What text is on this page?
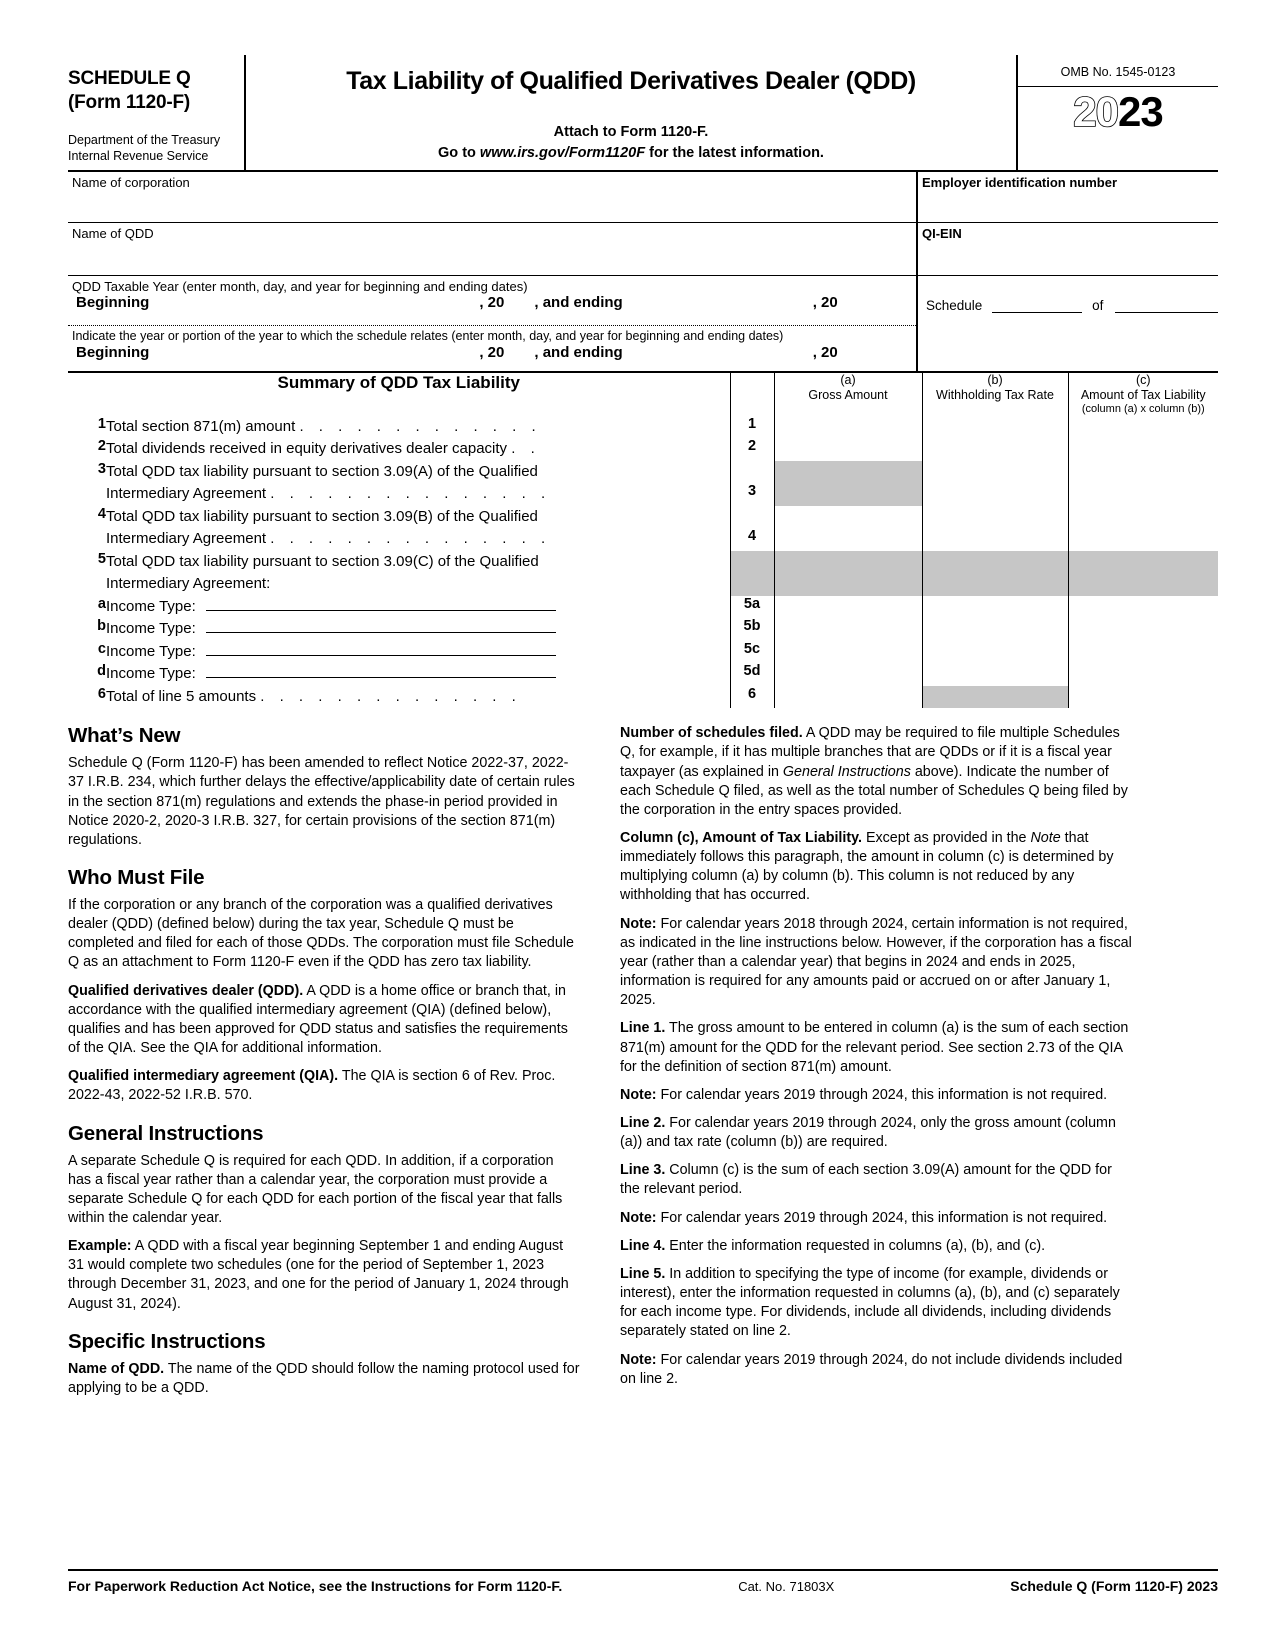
SCHEDULE Q
(Form 1120-F)
Department of the Treasury
Internal Revenue Service
Tax Liability of Qualified Derivatives Dealer (QDD)
Attach to Form 1120-F.
Go to www.irs.gov/Form1120F for the latest information.
OMB No. 1545-0123
2023
Name of corporation	Employer identification number
Name of QDD	QI-EIN
QDD Taxable Year (enter month, day, and year for beginning and ending dates)
Beginning	, 20 , and ending	, 20
Indicate the year or portion of the year to which the schedule relates (enter month, day, and year for beginning and ending dates)
Beginning	, 20 , and ending	, 20
Schedule	of
Summary of QDD Tax Liability		(a)
Gross Amount

(b)
Withholding Tax Rate

(c)
Amount of Tax Liability
(column (a) x column (b))

1	Total section 871(m) amount . . . . . . . . . . . . .	1			
2	Total dividends received in equity derivatives dealer capacity . .	2			
3	Total QDD tax liability pursuant to section 3.09(A) of the Qualified				

	Intermediary Agreement . . . . . . . . . . . . . . .	3			
4	Total QDD tax liability pursuant to section 3.09(B) of the Qualified				

	Intermediary Agreement . . . . . . . . . . . . . . .	4			
5	Total QDD tax liability pursuant to section 3.09(C) of the Qualified				

	Intermediary Agreement:				
a	Income Type:	5a			
b	Income Type:	5b			
c	Income Type:	5c			
d	Income Type:	5d			
6	Total of line 5 amounts . . . . . . . . . . . . . .	6			
What’s New

Schedule Q (Form 1120-F) has been amended to reflect Notice 2022-37, 2022-37 I.R.B. 234, which further delays the effective/applicability date of certain rules in the section 871(m) regulations and extends the phase-in period provided in Notice 2020-2, 2020-3 I.R.B. 327, for certain provisions of the section 871(m) regulations.

Who Must File

If the corporation or any branch of the corporation was a qualified derivatives dealer (QDD) (defined below) during the tax year, Schedule Q must be completed and filed for each of those QDDs. The corporation must file Schedule Q as an attachment to Form 1120-F even if the QDD has zero tax liability.

Qualified derivatives dealer (QDD). A QDD is a home office or branch that, in accordance with the qualified intermediary agreement (QIA) (defined below), qualifies and has been approved for QDD status and satisfies the requirements of the QIA. See the QIA for additional information.

Qualified intermediary agreement (QIA). The QIA is section 6 of Rev. Proc. 2022-43, 2022-52 I.R.B. 570.

General Instructions

A separate Schedule Q is required for each QDD. In addition, if a corporation has a fiscal year rather than a calendar year, the corporation must provide a separate Schedule Q for each QDD for each portion of the fiscal year that falls within the calendar year.

Example: A QDD with a fiscal year beginning September 1 and ending August 31 would complete two schedules (one for the period of September 1, 2023 through December 31, 2023, and one for the period of January 1, 2024 through August 31, 2024).

Specific Instructions

Name of QDD. The name of the QDD should follow the naming protocol used for applying to be a QDD.

Number of schedules filed. A QDD may be required to file multiple Schedules Q, for example, if it has multiple branches that are QDDs or if it is a fiscal year taxpayer (as explained in General Instructions above). Indicate the number of each Schedule Q filed, as well as the total number of Schedules Q being filed by the corporation in the entry spaces provided.

Column (c), Amount of Tax Liability. Except as provided in the Note that immediately follows this paragraph, the amount in column (c) is determined by multiplying column (a) by column (b). This column is not reduced by any withholding that has occurred.

Note: For calendar years 2018 through 2024, certain information is not required, as indicated in the line instructions below. However, if the corporation has a fiscal year (rather than a calendar year) that begins in 2024 and ends in 2025, information is required for any amounts paid or accrued on or after January 1, 2025.

Line 1. The gross amount to be entered in column (a) is the sum of each section 871(m) amount for the QDD for the relevant period. See section 2.73 of the QIA for the definition of section 871(m) amount.

Note: For calendar years 2019 through 2024, this information is not required.

Line 2. For calendar years 2019 through 2024, only the gross amount (column (a)) and tax rate (column (b)) are required.

Line 3. Column (c) is the sum of each section 3.09(A) amount for the QDD for the relevant period.

Note: For calendar years 2019 through 2024, this information is not required.

Line 4. Enter the information requested in columns (a), (b), and (c).

Line 5. In addition to specifying the type of income (for example, dividends or interest), enter the information requested in columns (a), (b), and (c) separately for each income type. For dividends, include all dividends, including dividends separately stated on line 2.

Note: For calendar years 2019 through 2024, do not include dividends included on line 2.

For Paperwork Reduction Act Notice, see the Instructions for Form 1120-F.	Cat. No. 71803X	Schedule Q (Form 1120-F) 2023
